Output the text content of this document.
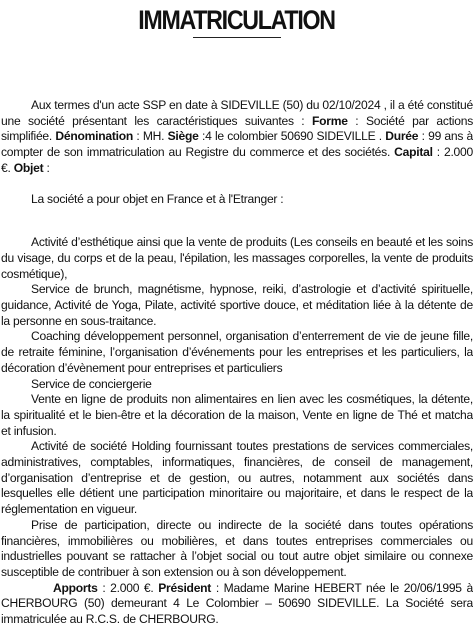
IMMATRICULATION

Aux termes d'un acte SSP en date à SIDEVILLE (50) du 02/10/2024 , il a été constitué une société présentant les caractéristiques suivantes : Forme : Société par actions simplifiée. Dénomination : MH. Siège :4 le colombier 50690 SIDEVILLE . Durée : 99 ans à compter de son immatriculation au Registre du commerce et des sociétés. Capital : 2.000 €. Objet :

La société a pour objet en France et à l'Etranger :

Activité d’esthétique ainsi que la vente de produits (Les conseils en beauté et les soins du visage, du corps et de la peau, l'épilation, les massages corporelles, la vente de produits cosmétique),

Service de brunch, magnétisme, hypnose, reiki, d’astrologie et d’activité spirituelle, guidance, Activité de Yoga, Pilate, activité sportive douce, et méditation liée à la détente de la personne en sous-traitance.

Coaching développement personnel, organisation d’enterrement de vie de jeune fille, de retraite féminine, l’organisation d’événements pour les entreprises et les particuliers, la décoration d’évènement pour entreprises et particuliers

Service de conciergerie

Vente en ligne de produits non alimentaires en lien avec les cosmétiques, la détente, la spiritualité et le bien-être et la décoration de la maison, Vente en ligne de Thé et matcha et infusion.

Activité de société Holding fournissant toutes prestations de services commerciales, administratives, comptables, informatiques, financières, de conseil de management, d’organisation d’entreprise et de gestion, ou autres, notamment aux sociétés dans lesquelles elle détient une participation minoritaire ou majoritaire, et dans le respect de la réglementation en vigueur.

Prise de participation, directe ou indirecte de la société dans toutes opérations financières, immobilières ou mobilières, et dans toutes entreprises commerciales ou industrielles pouvant se rattacher à l’objet social ou tout autre objet similaire ou connexe susceptible de contribuer à son extension ou à son développement.

Apports : 2.000 €. Président : Madame Marine HEBERT née le 20/06/1995 à CHERBOURG (50) demeurant 4 Le Colombier – 50690 SIDEVILLE. La Société sera immatriculée au R.C.S. de CHERBOURG.
